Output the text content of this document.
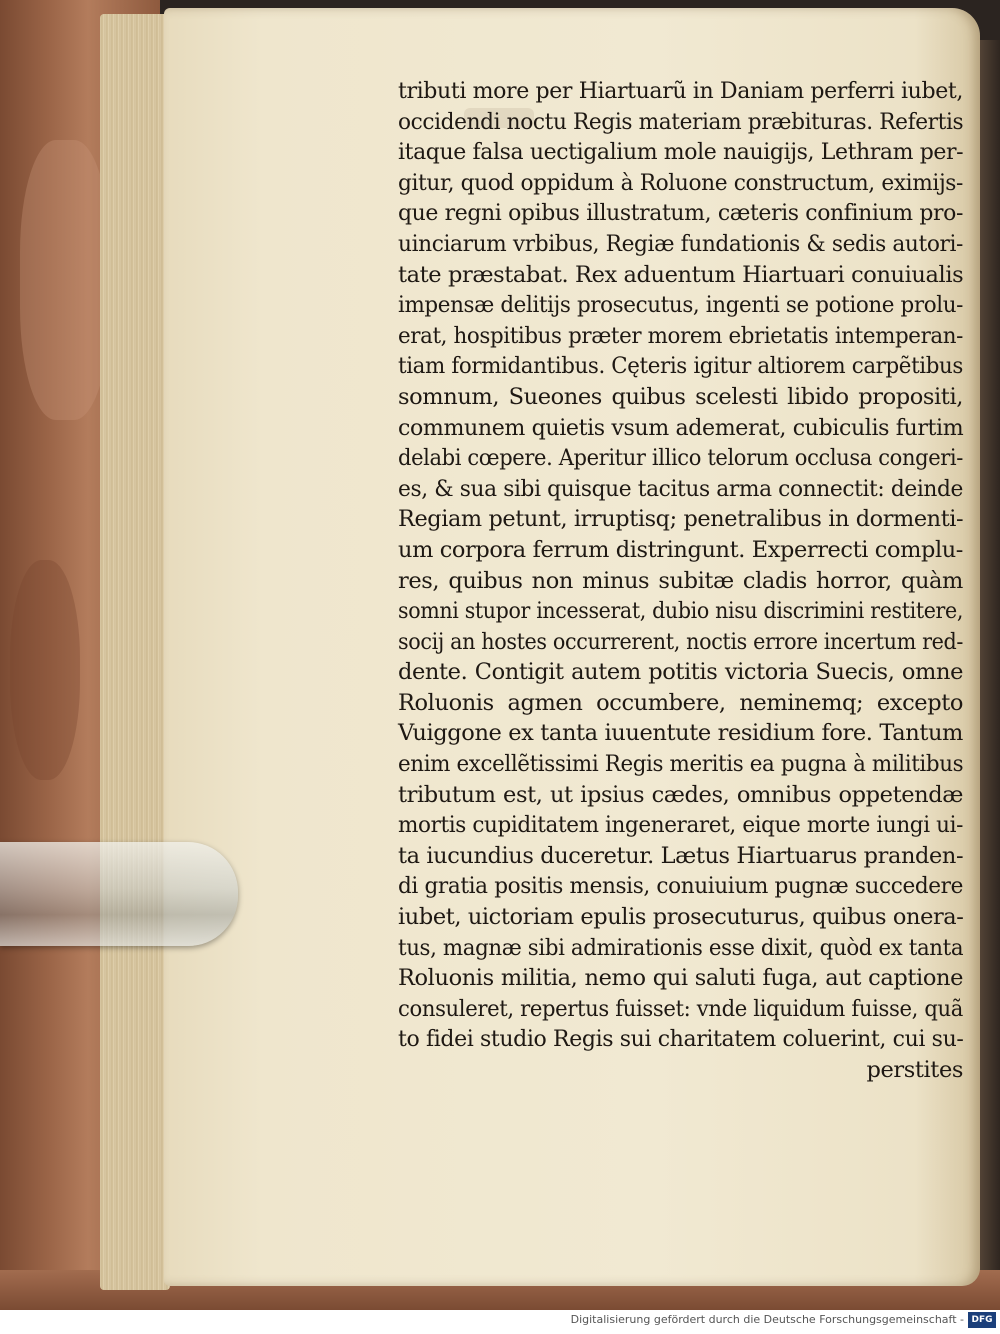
tributi more per Hiartuarũ in Daniam perferri iubet,
occidendi noctu Regis materiam præbituras. Refertis
itaque falsa uectigalium mole nauigijs, Lethram per-
gitur, quod oppidum à Roluone constructum, eximijs-
que regni opibus illustratum, cæteris confinium pro-
uinciarum vrbibus, Regiæ fundationis & sedis autori-
tate præstabat. Rex aduentum Hiartuari conuiualis
impensæ delitijs prosecutus, ingenti se potione prolu-
erat, hospitibus præter morem ebrietatis intemperan-
tiam formidantibus. Cęteris igitur altiorem carpẽtibus
somnum, Sueones quibus scelesti libido propositi,
communem quietis vsum ademerat, cubiculis furtim
delabi cœpere. Aperitur illico telorum occlusa congeri-
es, & sua sibi quisque tacitus arma connectit: deinde
Regiam petunt, irruptisq; penetralibus in dormenti-
um corpora ferrum distringunt. Experrecti complu-
res, quibus non minus subitæ cladis horror, quàm
somni stupor incesserat, dubio nisu discrimini restitere,
socij an hostes occurrerent, noctis errore incertum red-
dente. Contigit autem potitis victoria Suecis, omne
Roluonis agmen occumbere, neminemq; excepto
Vuiggone ex tanta iuuentute residium fore. Tantum
enim excellẽtissimi Regis meritis ea pugna à militibus
tributum est, ut ipsius cædes, omnibus oppetendæ
mortis cupiditatem ingeneraret, eique morte iungi ui-
ta iucundius duceretur. Lætus Hiartuarus pranden-
di gratia positis mensis, conuiuium pugnæ succedere
iubet, uictoriam epulis prosecuturus, quibus onera-
tus, magnæ sibi admirationis esse dixit, quòd ex tanta
Roluonis militia, nemo qui saluti fuga, aut captione
consuleret, repertus fuisset: vnde liquidum fuisse, quã
to fidei studio Regis sui charitatem coluerint, cui su-
perstites
Digitalisierung gefördert durch die Deutsche Forschungsgemeinschaft - DFG
